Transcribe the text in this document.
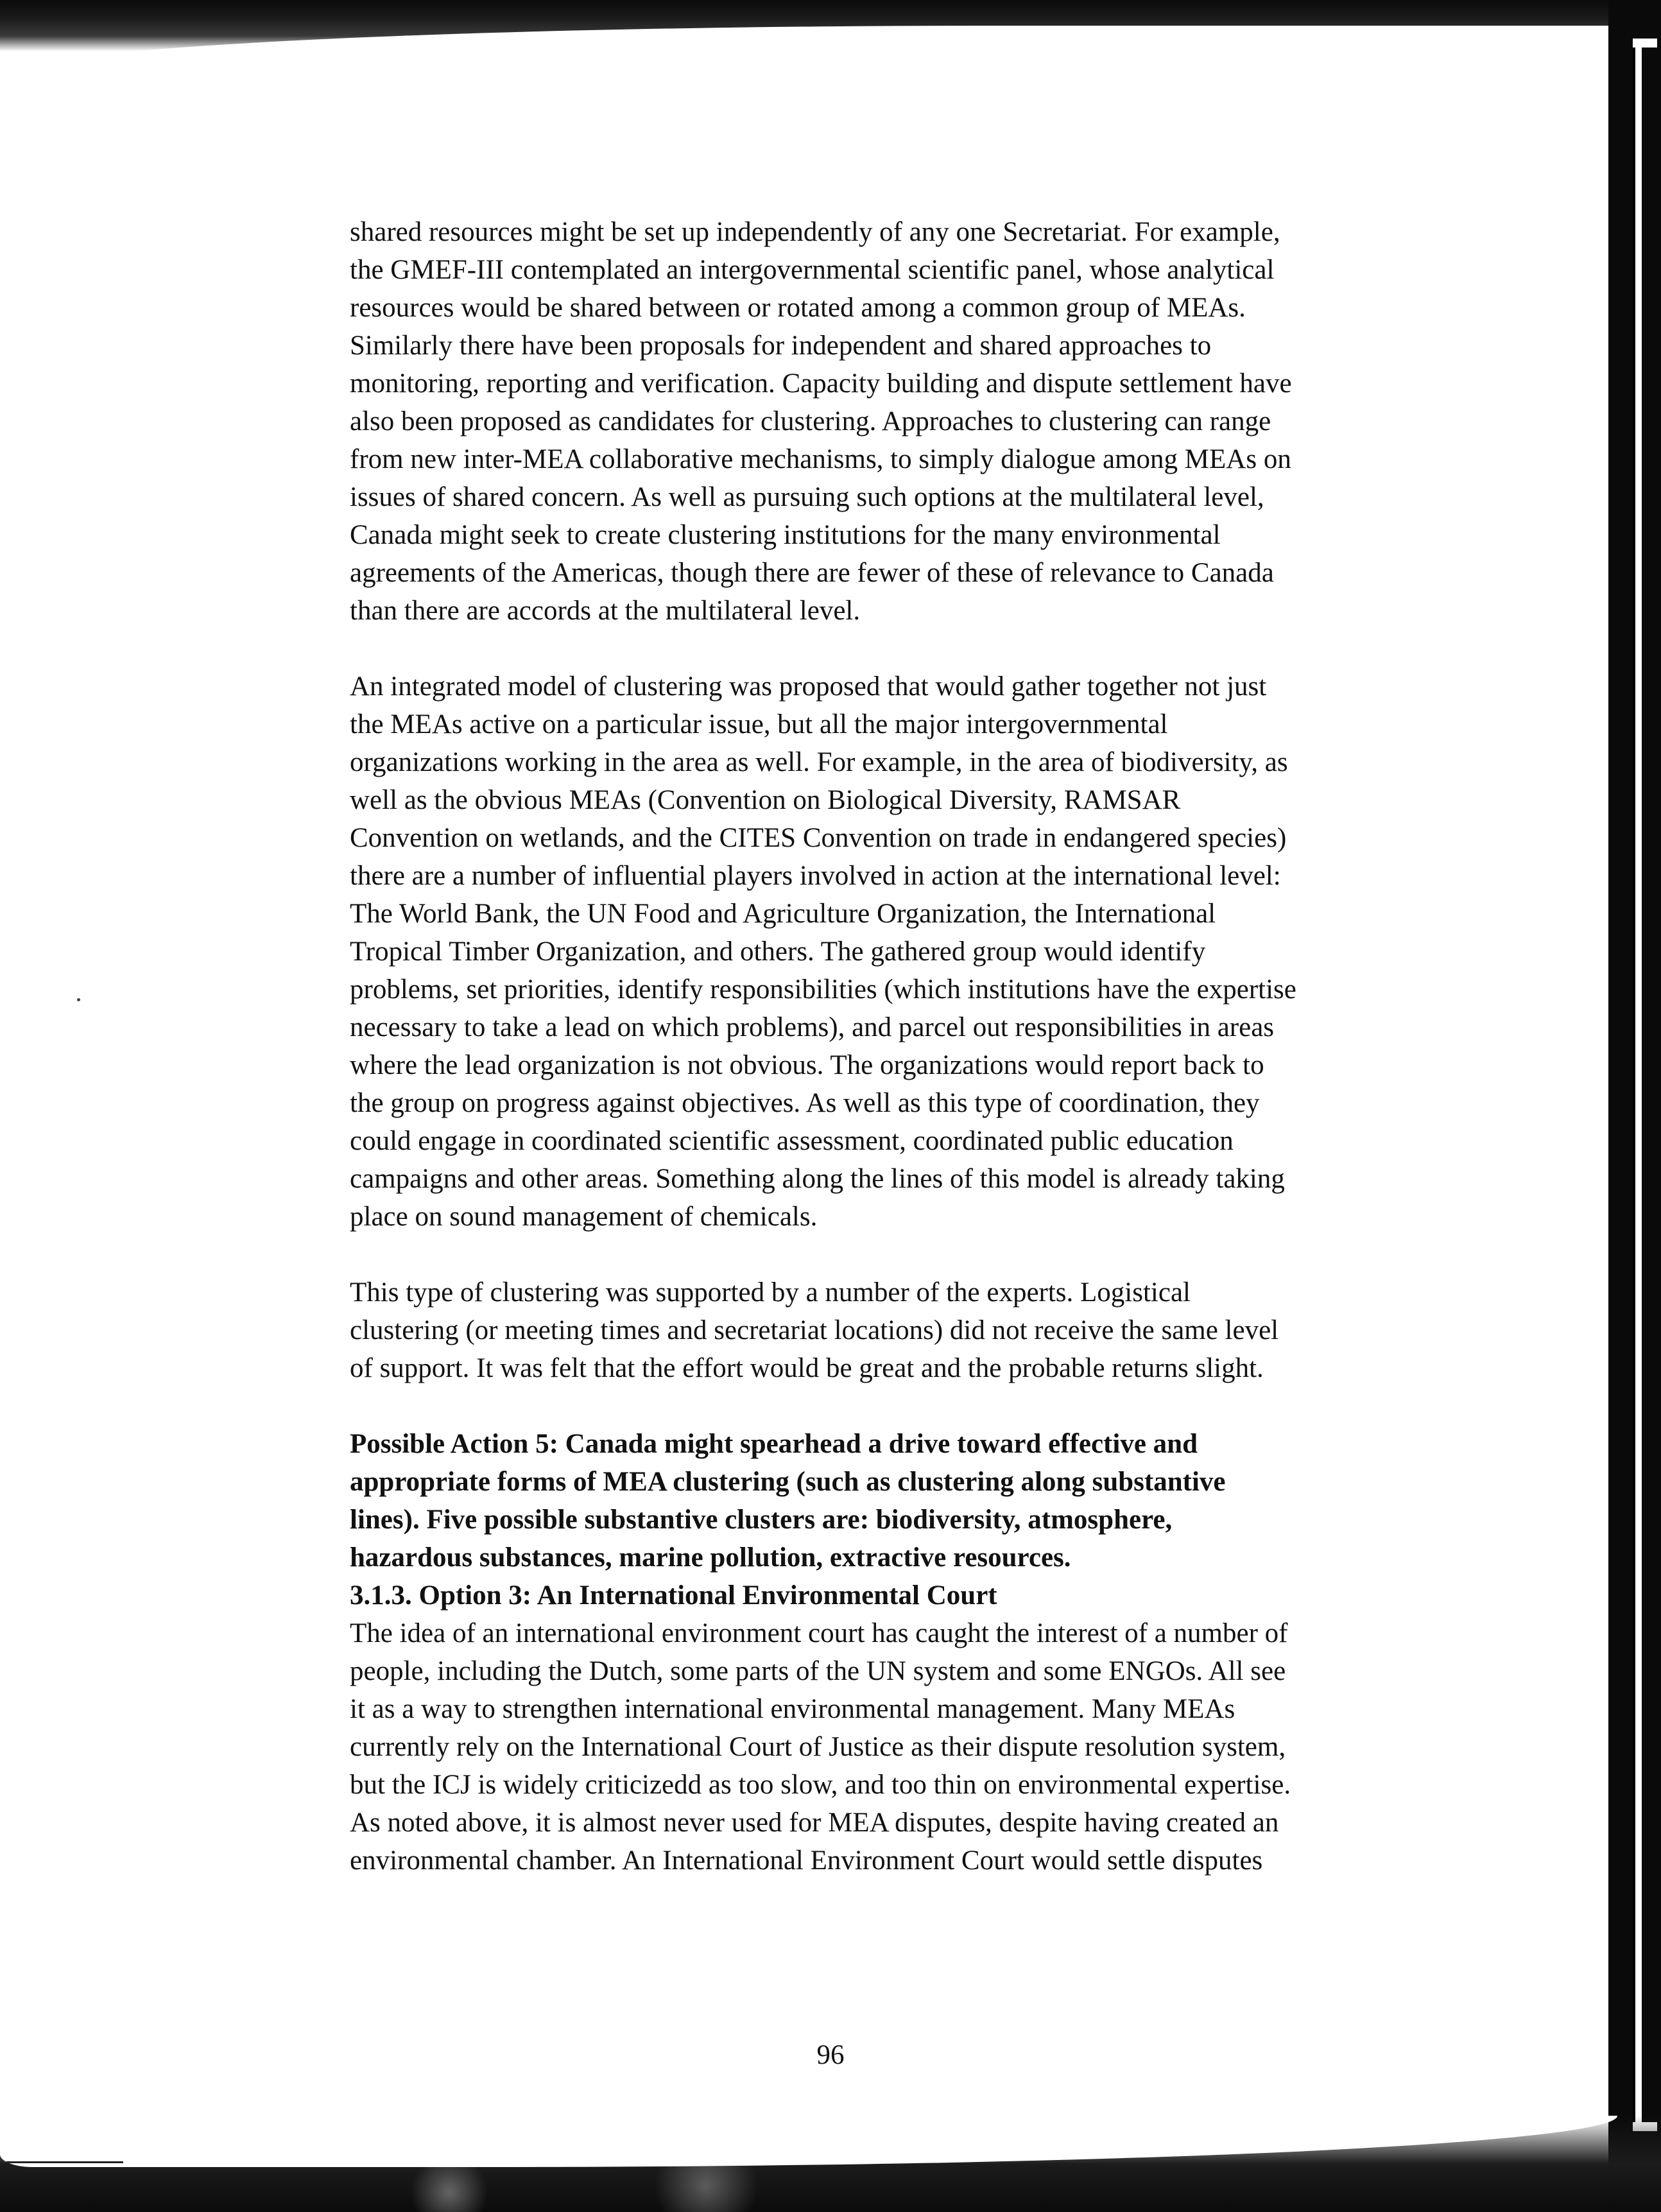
shared resources might be set up independently of any one Secretariat. For example,
the GMEF-III contemplated an intergovernmental scientific panel, whose analytical
resources would be shared between or rotated among a common group of MEAs.
Similarly there have been proposals for independent and shared approaches to
monitoring, reporting and verification. Capacity building and dispute settlement have
also been proposed as candidates for clustering. Approaches to clustering can range
from new inter-MEA collaborative mechanisms, to simply dialogue among MEAs on
issues of shared concern. As well as pursuing such options at the multilateral level,
Canada might seek to create clustering institutions for the many environmental
agreements of the Americas, though there are fewer of these of relevance to Canada
than there are accords at the multilateral level.

An integrated model of clustering was proposed that would gather together not just
the MEAs active on a particular issue, but all the major intergovernmental
organizations working in the area as well. For example, in the area of biodiversity, as
well as the obvious MEAs (Convention on Biological Diversity, RAMSAR
Convention on wetlands, and the CITES Convention on trade in endangered species)
there are a number of influential players involved in action at the international level:
The World Bank, the UN Food and Agriculture Organization, the International
Tropical Timber Organization, and others. The gathered group would identify
problems, set priorities, identify responsibilities (which institutions have the expertise
necessary to take a lead on which problems), and parcel out responsibilities in areas
where the lead organization is not obvious. The organizations would report back to
the group on progress against objectives. As well as this type of coordination, they
could engage in coordinated scientific assessment, coordinated public education
campaigns and other areas. Something along the lines of this model is already taking
place on sound management of chemicals.

This type of clustering was supported by a number of the experts. Logistical
clustering (or meeting times and secretariat locations) did not receive the same level
of support. It was felt that the effort would be great and the probable returns slight.

Possible Action 5: Canada might spearhead a drive toward effective and
appropriate forms of MEA clustering (such as clustering along substantive
lines). Five possible substantive clusters are: biodiversity, atmosphere,
hazardous substances, marine pollution, extractive resources.

3.1.3. Option 3: An International Environmental Court

The idea of an international environment court has caught the interest of a number of
people, including the Dutch, some parts of the UN system and some ENGOs. All see
it as a way to strengthen international environmental management. Many MEAs
currently rely on the International Court of Justice as their dispute resolution system,
but the ICJ is widely criticizedd as too slow, and too thin on environmental expertise.
As noted above, it is almost never used for MEA disputes, despite having created an
environmental chamber. An International Environment Court would settle disputes

96
